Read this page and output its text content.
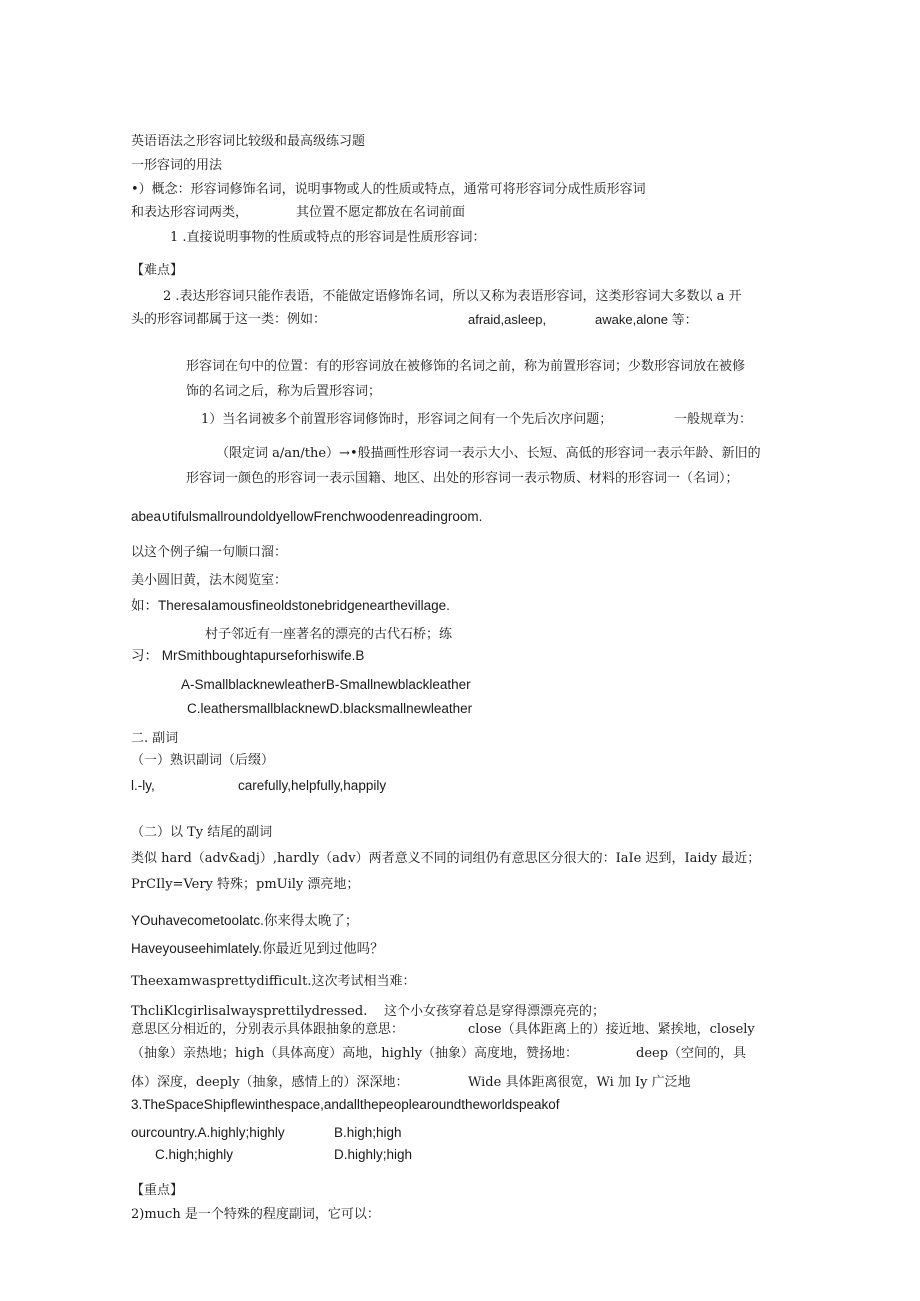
英语语法之形容词比较级和最高级练习题
一形容词的用法
•）概念：形容词修饰名词，说明事物或人的性质或特点，通常可将形容词分成性质形容词
和表达形容词两类，	其位置不愿定都放在名词前面
1 .直接说明事物的性质或特点的形容词是性质形容词：
【难点】
2 .表达形容词只能作表语，不能做定语修饰名词，所以又称为表语形容词，这类形容词大多数以 a 开
头的形容词都属于这一类：例如：	afraid,asleep,	awake,alone 等：
形容词在句中的位置：有的形容词放在被修饰的名词之前，称为前置形容词；少数形容词放在被修
饰的名词之后，称为后置形容词；
1）当名词被多个前置形容词修饰时，形容词之间有一个先后次序问题；	一般规章为：
（限定词 a/an/the）→•般描画性形容词一表示大小、长短、高低的形容词一表示年龄、新旧的
形容词一颜色的形容词一表示国籍、地区、出处的形容词一表示物质、材料的形容词一（名词）；
abea∪tifulsmallroundoldyellowFrenchwoodenreadingroom.
以这个例子编一句顺口溜：
美小圆旧黄，法木阅览室：
如：TheresaIamousfineoldstonebridgenearthevillage.
村子邻近有一座著名的漂亮的古代石桥；练
习： MrSmithboughtapurseforhiswife.B
A-SmallblacknewleatherB-Smallnewblackleather
C.leathersmallblacknewD.blacksmallnewleather
二. 副词
（一）熟识副词（后缀）
l.-ly,	carefully,helpfully,happily
（二）以 Ty 结尾的副词
类似 hard（adv&adj）,hardly（adv）两者意义不同的词组仍有意思区分很大的：IaIe 迟到，Iaidy 最近；
PrCIly=Very 特殊；pmUily 漂亮地；
YOuhavecometoolatc.你来得太晚了；
Haveyouseehimlately.你最近见到过他吗？
Theexamwasprettydifficult.这次考试相当难：
ThcliKlcgirlisalwaysprettilydressed. 这个小女孩穿着总是穿得漂漂亮亮的；
意思区分相近的，分别表示具体跟抽象的意思：	close（具体距离上的）接近地、紧挨地，closely
（抽象）亲热地；high（具体高度）高地，highly（抽象）高度地，赞扬地：	deep（空间的，具
体）深度，deeply（抽象，感情上的）深深地：	Wide 具体距离很宽，Wi 加 Iy 广泛地
3.TheSpaceShipflewinthespace,andallthepeoplearoundtheworldspeakof
ourcountry.A.highly;highly	B.high;high
C.high;highly	D.highly;high
【重点】
2)much 是一个特殊的程度副词，它可以：
